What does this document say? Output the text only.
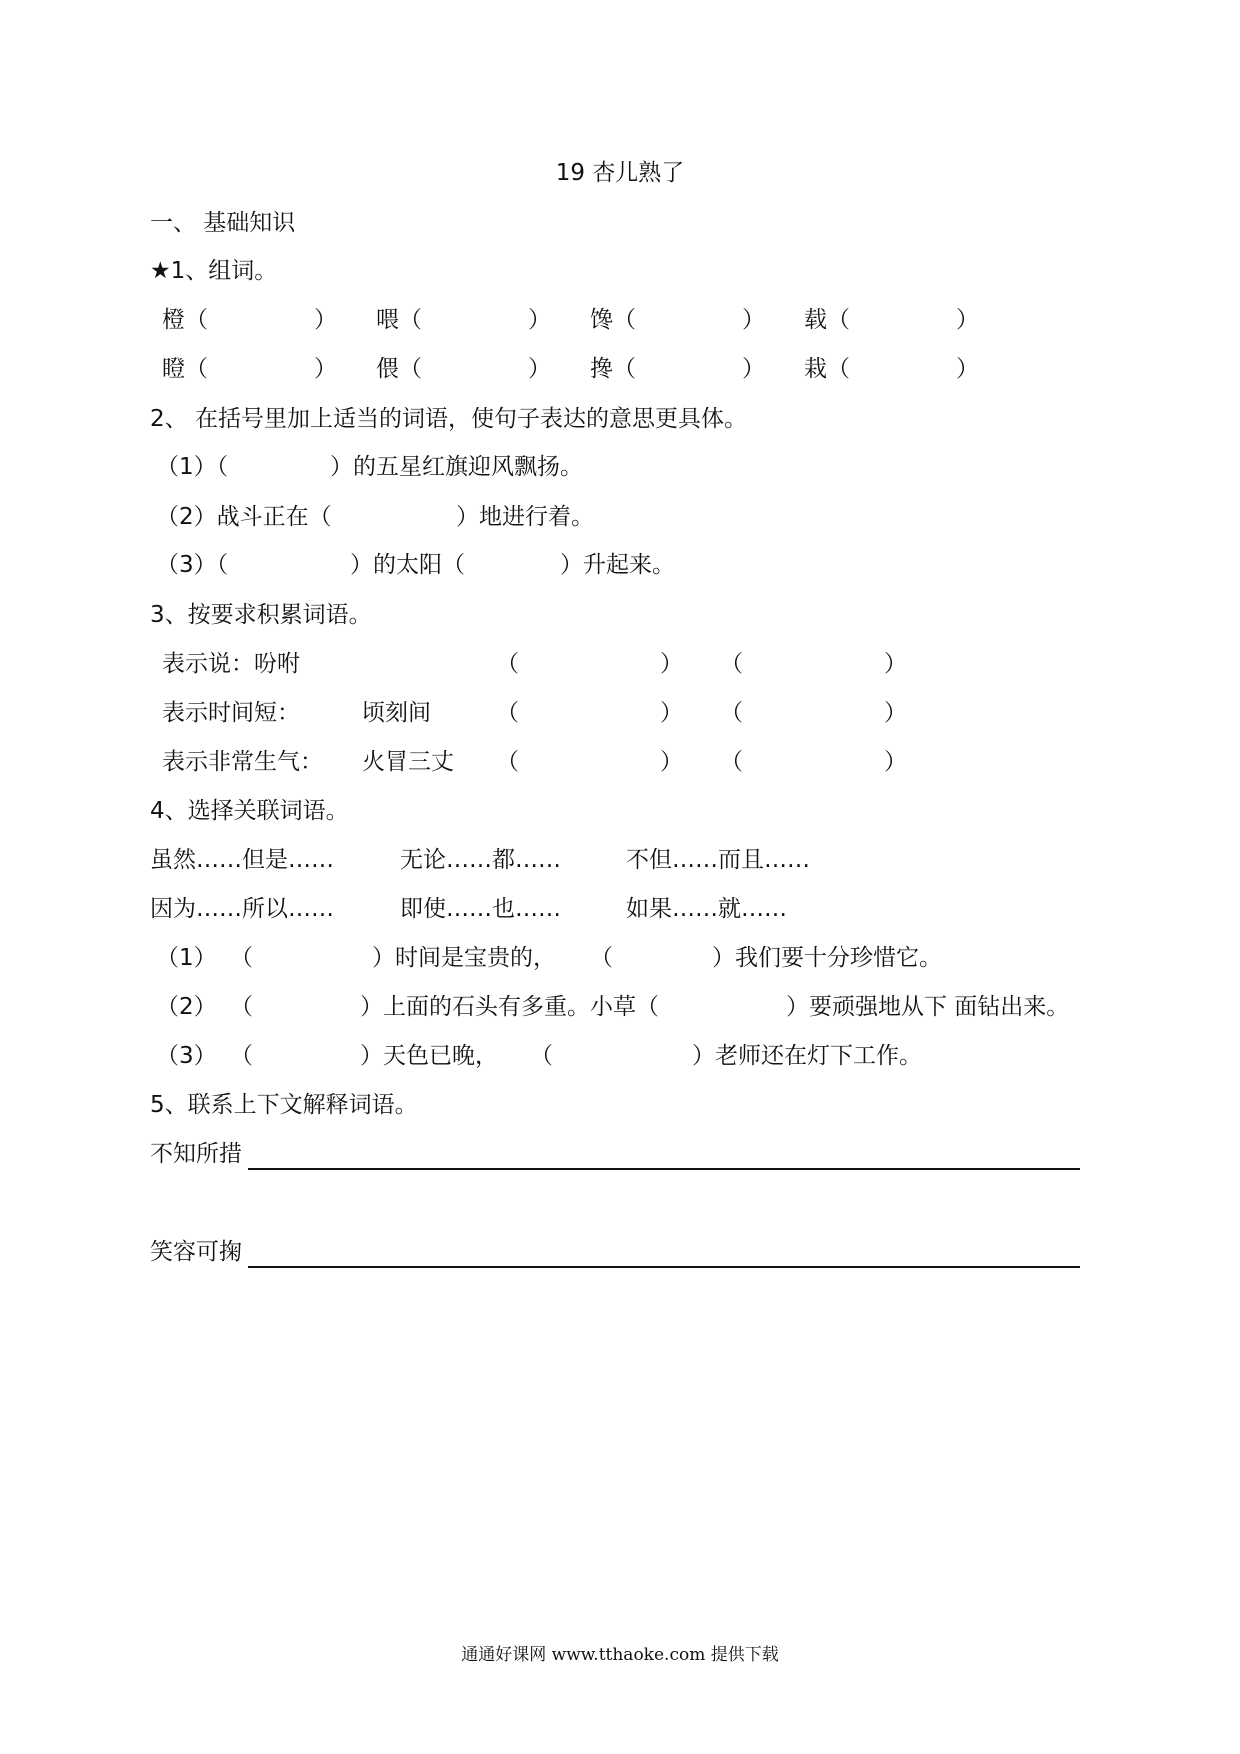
19 杏儿熟了
一、 基础知识
★1、组词。
橙（	） 喂（	） 馋（	） 载（	）
瞪（	） 偎（	） 搀（	） 栽（	）
2、 在括号里加上适当的词语，使句子表达的意思更具体。
（1）（	）的五星红旗迎风飘扬。
（2）战斗正在（	）地进行着。
（3）（	）的太阳（	）升起来。
3、按要求积累词语。
表示说：吩咐	（	） （	）
表示时间短：	顷刻间	（	） （	）
表示非常生气： 火冒三丈 （	） （	）
4、选择关联词语。
虽然……但是……	无论……都……	不但……而且……
因为……所以……	即使……也……	如果……就……
（1） （	）时间是宝贵的， （	）我们要十分珍惜它。
（2） （	）上面的石头有多重。小草（	）要顽强地从下 面钻出来。
（3） （	）天色已晚， （	）老师还在灯下工作。
5、联系上下文解释词语。
不知所措
笑容可掬
通通好课网 www.tthaoke.com 提供下载
